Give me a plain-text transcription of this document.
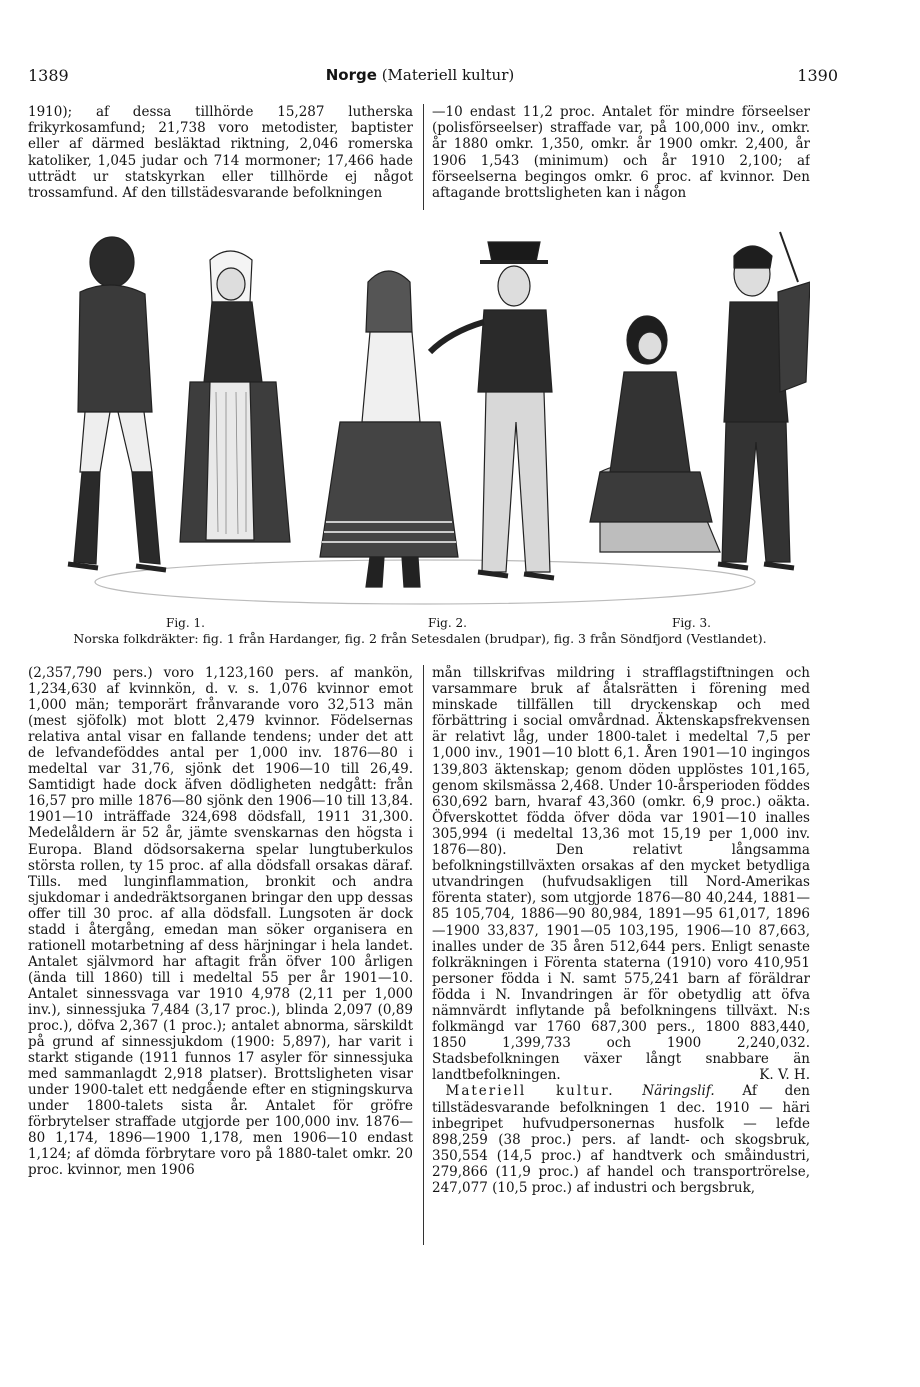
1389	Norge (Materiell kultur)	1390

1910); af dessa tillhörde 15,287 lutherska frikyrkosamfund; 21,738 voro metodister, baptister eller af därmed besläktad riktning, 2,046 romerska katoliker, 1,045 judar och 714 mormoner; 17,466 hade utträdt ur statskyrkan eller tillhörde ej något trossamfund. Af den tillstädesvarande befolkningen

—10 endast 11,2 proc. Antalet för mindre förseelser (polisförseelser) straffade var, på 100,000 inv., omkr. år 1880 omkr. 1,350, omkr. år 1900 omkr. 2,400, år 1906 1,543 (minimum) och år 1910 2,100; af förseelserna begingos omkr. 6 proc. af kvinnor. Den aftagande brottsligheten kan i någon

Fig. 1.	Fig. 2.	Fig. 3.
Norska folkdräkter: fig. 1 från Hardanger, fig. 2 från Setesdalen (brudpar), fig. 3 från Söndfjord (Vestlandet).

(2,357,790 pers.) voro 1,123,160 pers. af mankön, 1,234,630 af kvinnkön, d. v. s. 1,076 kvinnor emot 1,000 män; temporärt frånvarande voro 32,513 män (mest sjöfolk) mot blott 2,479 kvinnor. Födelsernas relativa antal visar en fallande tendens; under det att de lefvandeföddes antal per 1,000 inv. 1876—80 i medeltal var 31,76, sjönk det 1906—10 till 26,49. Samtidigt hade dock äfven dödligheten nedgått: från 16,57 pro mille 1876—80 sjönk den 1906—10 till 13,84. 1901—10 inträffade 324,698 dödsfall, 1911 31,300. Medelåldern är 52 år, jämte svenskarnas den högsta i Europa. Bland dödsorsakerna spelar lungtuberkulos största rollen, ty 15 proc. af alla dödsfall orsakas däraf. Tills. med lunginflammation, bronkit och andra sjukdomar i andedräktsorganen bringar den upp dessas offer till 30 proc. af alla dödsfall. Lungsoten är dock stadd i återgång, emedan man söker organisera en rationell motarbetning af dess härjningar i hela landet. Antalet självmord har aftagit från öfver 100 årligen (ända till 1860) till i medeltal 55 per år 1901—10. Antalet sinnessvaga var 1910 4,978 (2,11 per 1,000 inv.), sinnessjuka 7,484 (3,17 proc.), blinda 2,097 (0,89 proc.), döfva 2,367 (1 proc.); antalet abnorma, särskildt på grund af sinnessjukdom (1900: 5,897), har varit i starkt stigande (1911 funnos 17 asyler för sinnessjuka med sammanlagdt 2,918 platser). Brottsligheten visar under 1900-talet ett nedgående efter en stigningskurva under 1800-talets sista år. Antalet för gröfre förbrytelser straffade utgjorde per 100,000 inv. 1876—80 1,174, 1896—1900 1,178, men 1906—10 endast 1,124; af dömda förbrytare voro på 1880-talet omkr. 20 proc. kvinnor, men 1906

mån tillskrifvas mildring i strafflagstiftningen och varsammare bruk af åtalsrätten i förening med minskade tillfällen till dryckenskap och med förbättring i social omvårdnad. Äktenskapsfrekvensen är relativt låg, under 1800-talet i medeltal 7,5 per 1,000 inv., 1901—10 blott 6,1. Åren 1901—10 ingingos 139,803 äktenskap; genom döden upplöstes 101,165, genom skilsmässa 2,468. Under 10-årsperioden föddes 630,692 barn, hvaraf 43,360 (omkr. 6,9 proc.) oäkta. Öfverskottet födda öfver döda var 1901—10 inalles 305,994 (i medeltal 13,36 mot 15,19 per 1,000 inv. 1876—80). Den relativt långsamma befolkningstillväxten orsakas af den mycket betydliga utvandringen (hufvudsakligen till Nord-Amerikas förenta stater), som utgjorde 1876—80 40,244, 1881—85 105,704, 1886—90 80,984, 1891—95 61,017, 1896—1900 33,837, 1901—05 103,195, 1906—10 87,663, inalles under de 35 åren 512,644 pers. Enligt senaste folkräkningen i Förenta staterna (1910) voro 410,951 personer födda i N. samt 575,241 barn af föräldrar födda i N. Invandringen är för obetydlig att öfva nämnvärdt inflytande på befolkningens tillväxt. N:s folkmängd var 1760 687,300 pers., 1800 883,440, 1850 1,399,733 och 1900 2,240,032. Stadsbefolkningen växer långt snabbare än landtbefolkningen.	K. V. H.

 Materiell kultur. Näringslif. Af den tillstädesvarande befolkningen 1 dec. 1910 — häri inbegripet hufvudpersonernas husfolk — lefde 898,259 (38 proc.) pers. af landt- och skogsbruk, 350,554 (14,5 proc.) af handtverk och småindustri, 279,866 (11,9 proc.) af handel och transportrörelse, 247,077 (10,5 proc.) af industri och bergsbruk,
